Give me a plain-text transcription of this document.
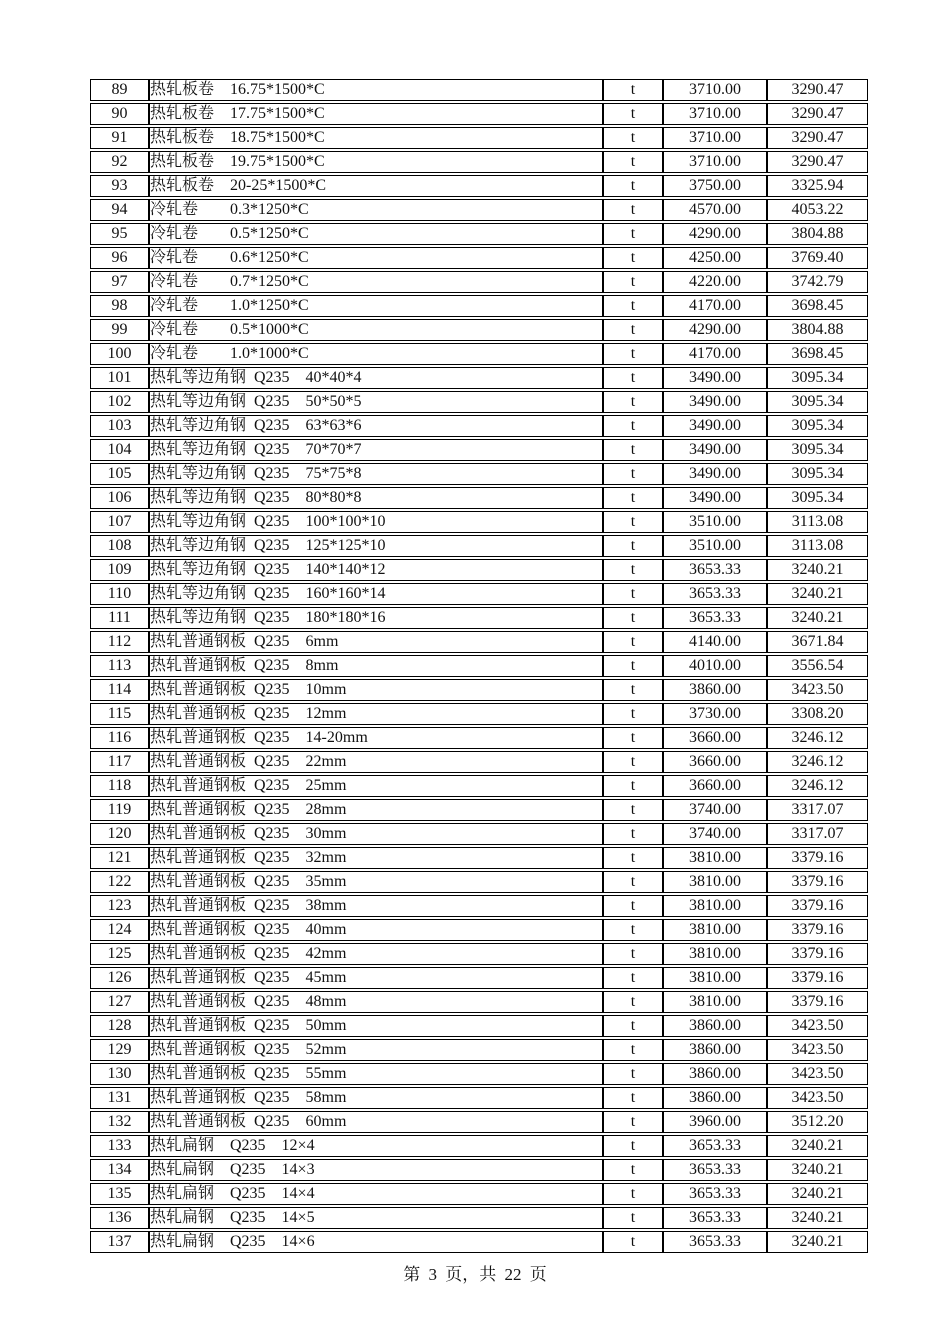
89	热轧板卷  16.75*1500*C	t	3710.00	3290.47
90	热轧板卷  17.75*1500*C	t	3710.00	3290.47
91	热轧板卷  18.75*1500*C	t	3710.00	3290.47
92	热轧板卷  19.75*1500*C	t	3710.00	3290.47
93	热轧板卷  20-25*1500*C	t	3750.00	3325.94
94	冷轧卷    0.3*1250*C	t	4570.00	4053.22
95	冷轧卷    0.5*1250*C	t	4290.00	3804.88
96	冷轧卷    0.6*1250*C	t	4250.00	3769.40
97	冷轧卷    0.7*1250*C	t	4220.00	3742.79
98	冷轧卷    1.0*1250*C	t	4170.00	3698.45
99	冷轧卷    0.5*1000*C	t	4290.00	3804.88
100	冷轧卷    1.0*1000*C	t	4170.00	3698.45
101	热轧等边角钢 Q235  40*40*4	t	3490.00	3095.34
102	热轧等边角钢 Q235  50*50*5	t	3490.00	3095.34
103	热轧等边角钢 Q235  63*63*6	t	3490.00	3095.34
104	热轧等边角钢 Q235  70*70*7	t	3490.00	3095.34
105	热轧等边角钢 Q235  75*75*8	t	3490.00	3095.34
106	热轧等边角钢 Q235  80*80*8	t	3490.00	3095.34
107	热轧等边角钢 Q235  100*100*10	t	3510.00	3113.08
108	热轧等边角钢 Q235  125*125*10	t	3510.00	3113.08
109	热轧等边角钢 Q235  140*140*12	t	3653.33	3240.21
110	热轧等边角钢 Q235  160*160*14	t	3653.33	3240.21
111	热轧等边角钢 Q235  180*180*16	t	3653.33	3240.21
112	热轧普通钢板 Q235  6mm	t	4140.00	3671.84
113	热轧普通钢板 Q235  8mm	t	4010.00	3556.54
114	热轧普通钢板 Q235  10mm	t	3860.00	3423.50
115	热轧普通钢板 Q235  12mm	t	3730.00	3308.20
116	热轧普通钢板 Q235  14-20mm	t	3660.00	3246.12
117	热轧普通钢板 Q235  22mm	t	3660.00	3246.12
118	热轧普通钢板 Q235  25mm	t	3660.00	3246.12
119	热轧普通钢板 Q235  28mm	t	3740.00	3317.07
120	热轧普通钢板 Q235  30mm	t	3740.00	3317.07
121	热轧普通钢板 Q235  32mm	t	3810.00	3379.16
122	热轧普通钢板 Q235  35mm	t	3810.00	3379.16
123	热轧普通钢板 Q235  38mm	t	3810.00	3379.16
124	热轧普通钢板 Q235  40mm	t	3810.00	3379.16
125	热轧普通钢板 Q235  42mm	t	3810.00	3379.16
126	热轧普通钢板 Q235  45mm	t	3810.00	3379.16
127	热轧普通钢板 Q235  48mm	t	3810.00	3379.16
128	热轧普通钢板 Q235  50mm	t	3860.00	3423.50
129	热轧普通钢板 Q235  52mm	t	3860.00	3423.50
130	热轧普通钢板 Q235  55mm	t	3860.00	3423.50
131	热轧普通钢板 Q235  58mm	t	3860.00	3423.50
132	热轧普通钢板 Q235  60mm	t	3960.00	3512.20
133	热轧扁钢  Q235  12×4	t	3653.33	3240.21
134	热轧扁钢  Q235  14×3	t	3653.33	3240.21
135	热轧扁钢  Q235  14×4	t	3653.33	3240.21
136	热轧扁钢  Q235  14×5	t	3653.33	3240.21
137	热轧扁钢  Q235  14×6	t	3653.33	3240.21
第 3 页，共 22 页
